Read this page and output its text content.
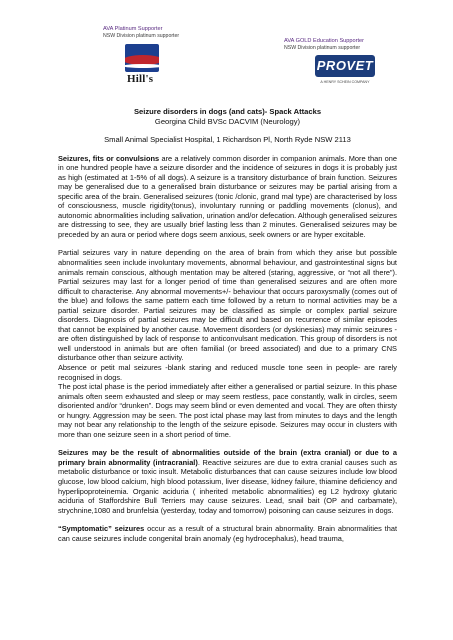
AVA Platinum Supporter
NSW Division platinum supporter
Hill's
AVA GOLD Education Supporter
NSW Division platinum supporter
PROVET
A HENRY SCHEIN COMPANY
Seizure disorders in dogs (and cats)- Spack Attacks
Georgina Child BVSc DACVIM (Neurology)
Small Animal Specialist Hospital, 1 Richardson Pl, North Ryde NSW 2113

Seizures, fits or convulsions are a relatively common disorder in companion animals. More than one in one hundred people have a seizure disorder and the incidence of seizures in dogs it is probably just as high (estimated at 1-5% of all dogs). A seizure is a transitory disturbance of brain function. Seizures may be generalised due to a generalised brain disturbance or seizures may be partial arising from a specific area of the brain. Generalised seizures (tonic /clonic, grand mal type) are characterised by loss of consciousness, muscle rigidity(tonus), involuntary running or paddling movements (clonus), and autonomic abnormalities including salivation, urination and/or defecation. Although generalised seizures are distressing to see, they are usually brief lasting less than 2 minutes. Generalised seizures may be preceded by an aura or period where dogs seem anxious, seek owners or are hyper excitable.

Partial seizures vary in nature depending on the area of brain from which they arise but possible abnormalities seen include involuntary movements, abnormal behaviour, and gastrointestinal signs but animals remain conscious, although mentation may be altered (staring, aggressive, or “not all there”). Partial seizures may last for a longer period of time than generalised seizures and are often more difficult to characterise. Any abnormal movements+/- behaviour that occurs paroxysmally (comes out of the blue) and follows the same pattern each time followed by a return to normal activities may be a partial seizure disorder. Partial seizures may be classified as simple or complex partial seizure disorders. Diagnosis of partial seizures may be difficult and based on recurrence of similar episodes that cannot be explained by another cause. Movement disorders (or dyskinesias) may mimic seizures - are often distinguished by lack of response to anticonvulsant medication. This group of disorders is not well understood in animals but are often familial (or breed associated) and due to a primary CNS disturbance other than seizure activity.

Absence or petit mal seizures -blank staring and reduced muscle tone seen in people- are rarely recognised in dogs.

The post ictal phase is the period immediately after either a generalised or partial seizure. In this phase animals often seem exhausted and sleep or may seem restless, pace constantly, walk in circles, seem disoriented and/or “drunken”. Dogs may seem blind or even demented and vocal. They are often thirsty or hungry. Aggression may be seen. The post ictal phase may last from minutes to days and the length may not bear any relationship to the length of the seizure episode. Seizures may occur in clusters with more than one seizure seen in a short period of time.

Seizures may be the result of abnormalities outside of the brain (extra cranial) or due to a primary brain abnormality (intracranial). Reactive seizures are due to extra cranial causes such as metabolic disturbance or toxic insult. Metabolic disturbances that can cause seizures include low blood glucose, low blood calcium, high blood potassium, liver disease, kidney failure, thiamine deficiency and hyperlipoproteinemia. Organic aciduria ( inherited metabolic abnormalities) eg L2 hydroxy glutaric aciduria of Staffordshire Bull Terriers may cause seizures. Lead, snail bait (OP and carbamate), strychnine,1080 and brunfelsia (yesterday, today and tomorrow) poisoning can cause seizures in dogs.

“Symptomatic” seizures occur as a result of a structural brain abnormality. Brain abnormalities that can cause seizures include congenital brain anomaly (eg hydrocephalus), head trauma,
